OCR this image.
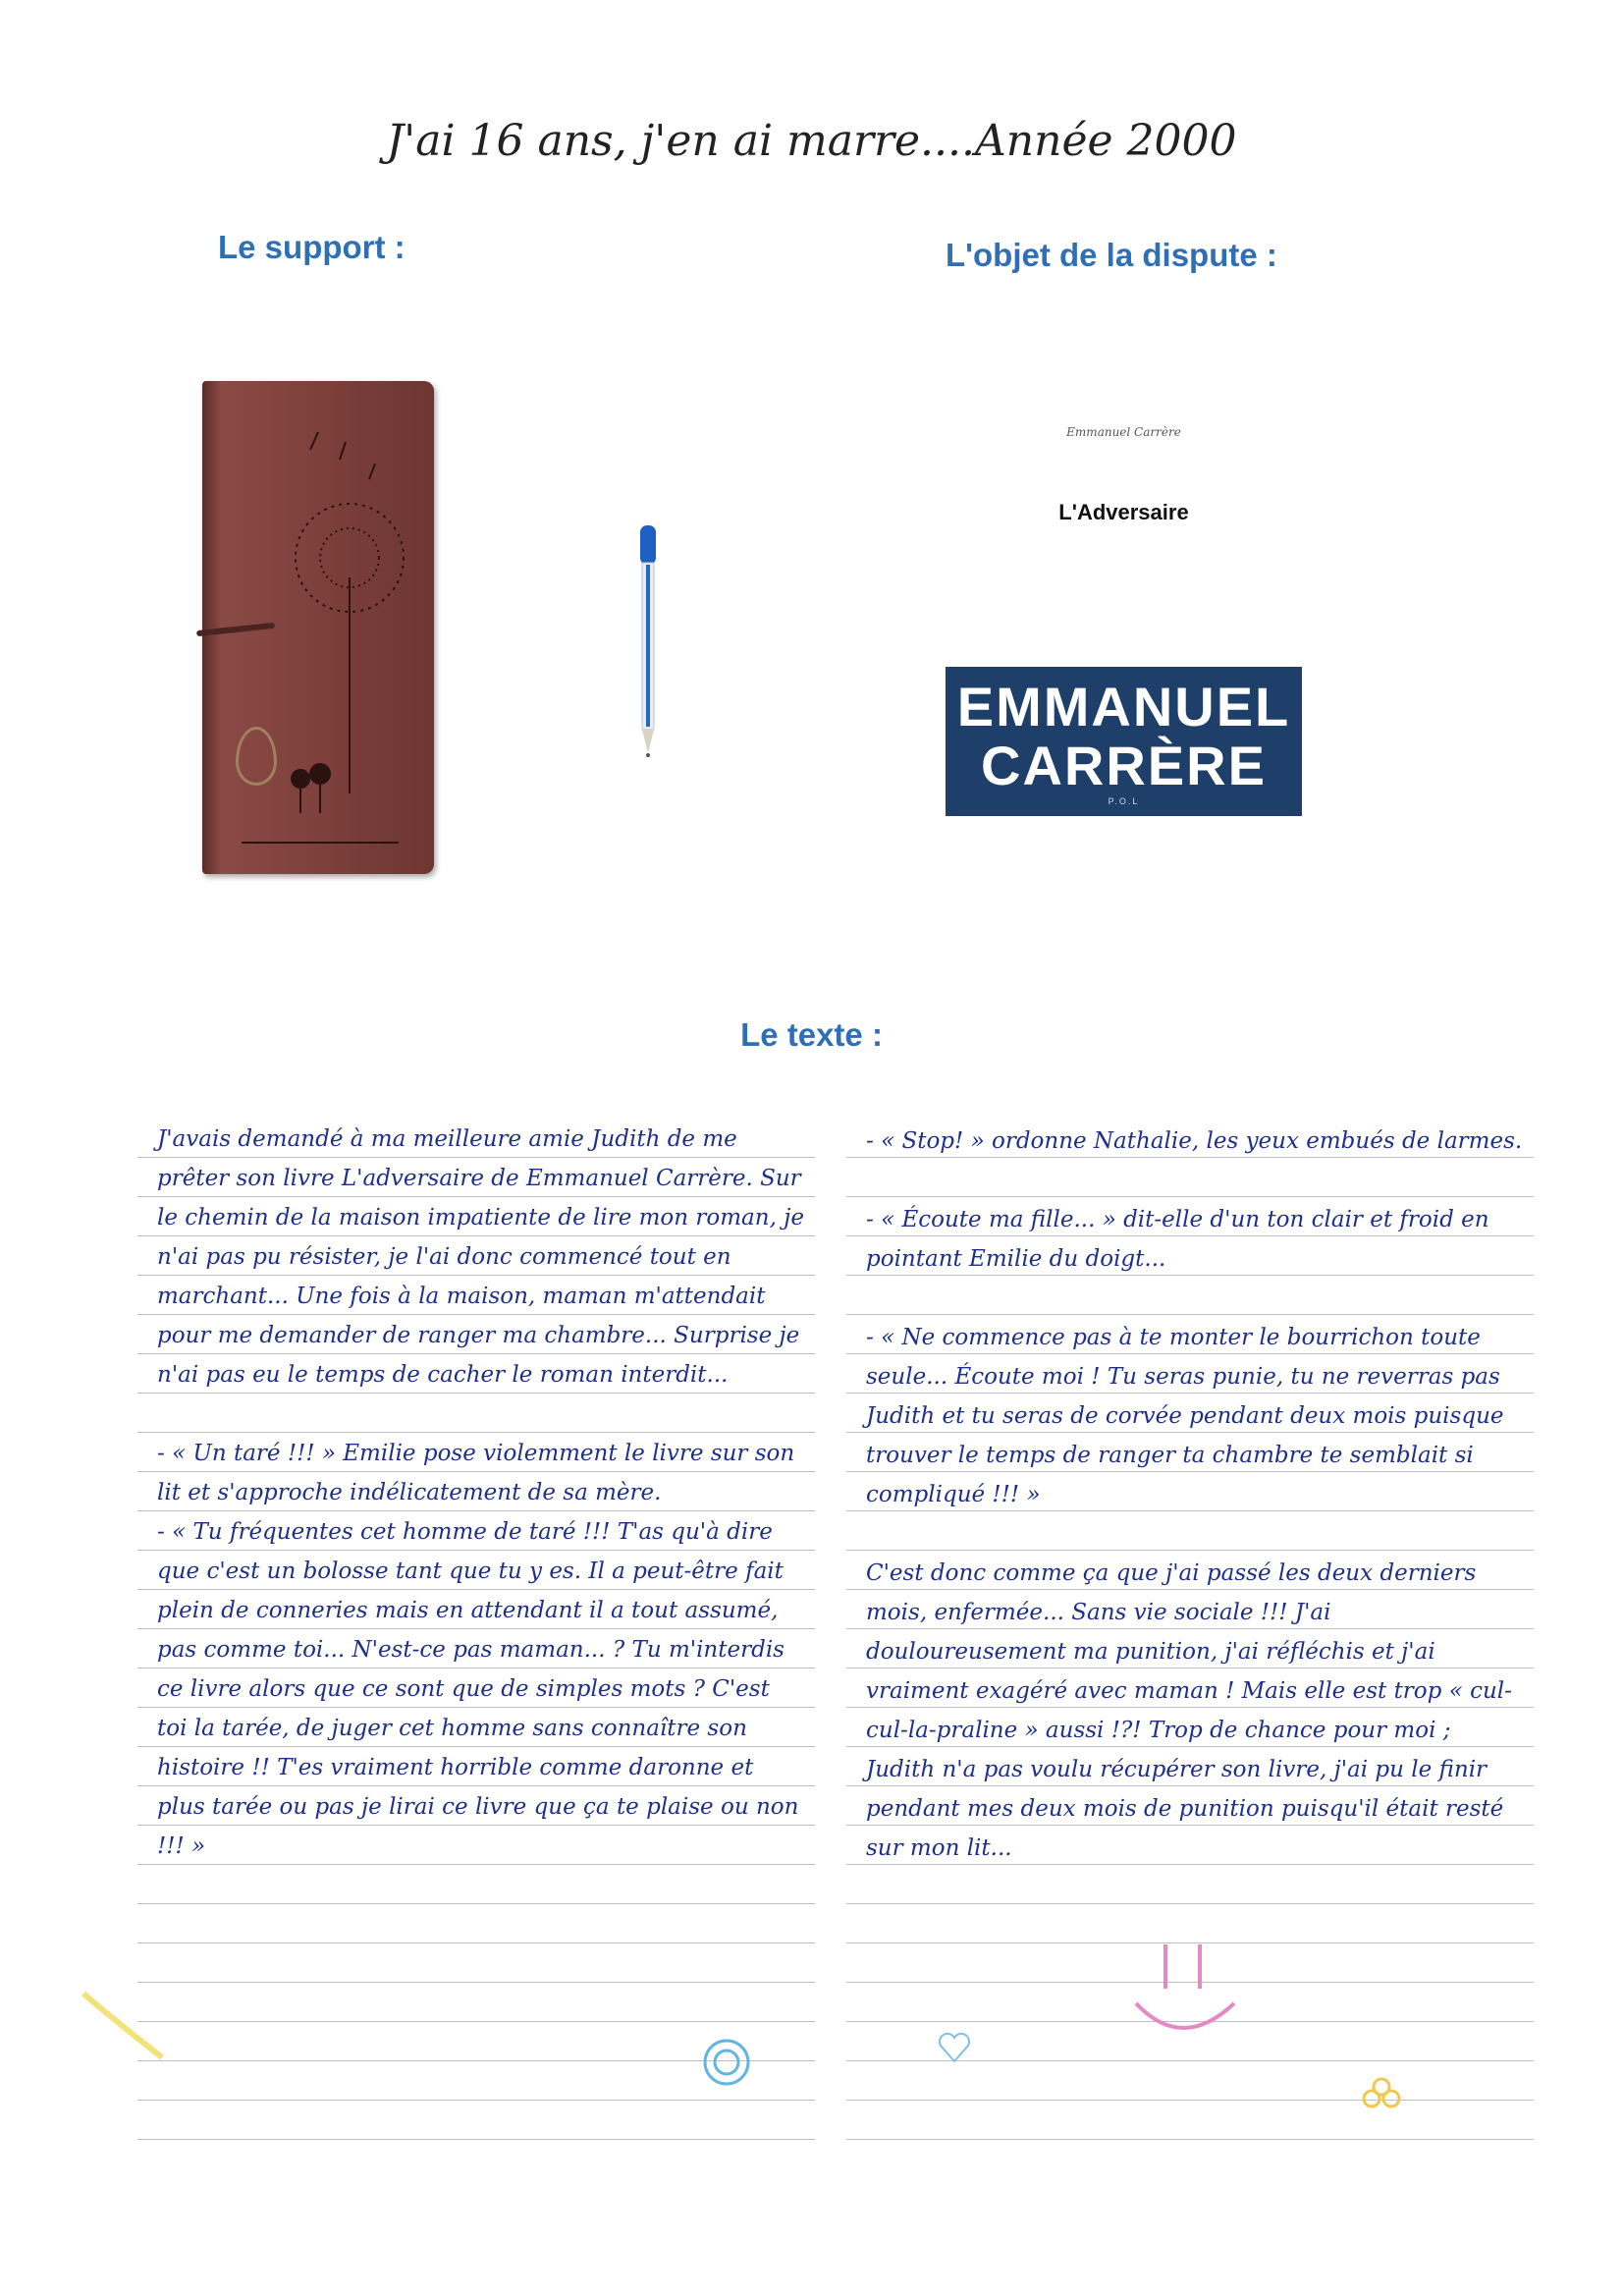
J'ai 16 ans, j'en ai marre....Année 2000
Le support :	L'objet de la dispute :
Emmanuel Carrère
L'Adversaire
EMMANUEL
CARRÈRE
P.O.L
Le texte :

J'avais demandé à ma meilleure amie Judith de me prêter son livre L'adversaire de Emmanuel Carrère. Sur le chemin de la maison impatiente de lire mon roman, je n'ai pas pu résister, je l'ai donc commencé tout en marchant... Une fois à la maison, maman m'attendait pour me demander de ranger ma chambre... Surprise je n'ai pas eu le temps de cacher le roman interdit...

- « Un taré !!! » Emilie pose violemment le livre sur son lit et s'approche indélicatement de sa mère.

- « Tu fréquentes cet homme de taré !!! T'as qu'à dire que c'est un bolosse tant que tu y es. Il a peut-être fait plein de conneries mais en attendant il a tout assumé, pas comme toi... N'est-ce pas maman... ? Tu m'interdis ce livre alors que ce sont que de simples mots ? C'est toi la tarée, de juger cet homme sans connaître son histoire !! T'es vraiment horrible comme daronne et plus tarée ou pas je lirai ce livre que ça te plaise ou non !!! »

- « Stop! » ordonne Nathalie, les yeux embués de larmes.

- « Écoute ma fille... » dit-elle d'un ton clair et froid en pointant Emilie du doigt...

- « Ne commence pas à te monter le bourrichon toute seule... Écoute moi ! Tu seras punie, tu ne reverras pas Judith et tu seras de corvée pendant deux mois puisque trouver le temps de ranger ta chambre te semblait si compliqué !!! »

C'est donc comme ça que j'ai passé les deux derniers mois, enfermée... Sans vie sociale !!! J'ai douloureusement ma punition, j'ai réfléchis et j'ai vraiment exagéré avec maman ! Mais elle est trop « cul-cul-la-praline » aussi !?! Trop de chance pour moi ; Judith n'a pas voulu récupérer son livre, j'ai pu le finir pendant mes deux mois de punition puisqu'il était resté sur mon lit...
